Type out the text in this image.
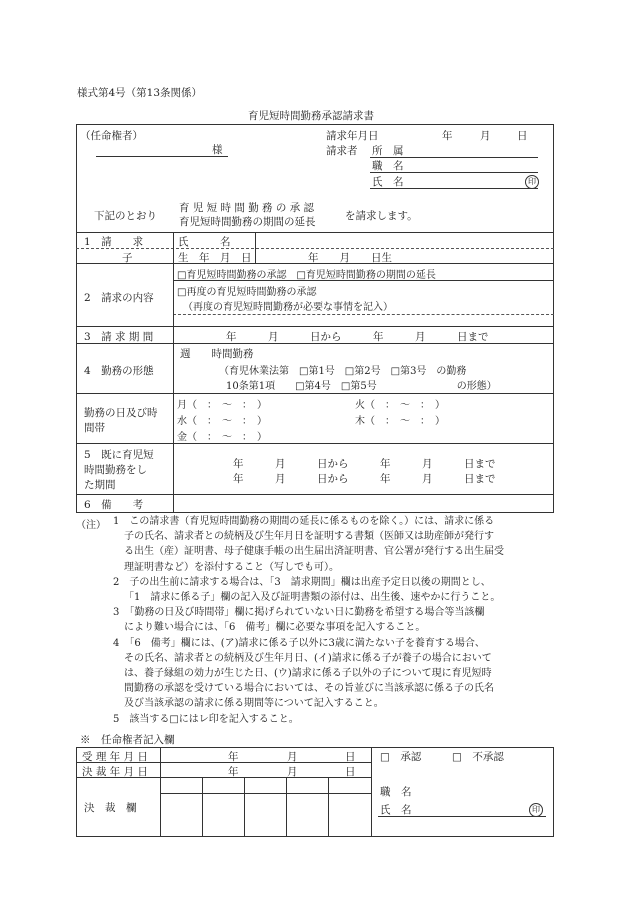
様式第4号（第13条関係）
育児短時間勤務承認請求書
（任命権者）
様
請求年月日	年	月	日
請求者 所　属
職　名
氏　名	印
下記のとおり
育 児 短 時 間 勤 務 の 承 認
育児短時間勤務の期間の延長	を請求します。
1　請　　求
子
氏　　　名
生　年　月　日	年　　月　　日生
2　請求の内容
□育児短時間勤務の承認　□育児短時間勤務の期間の延長
□再度の育児短時間勤務の承認
（再度の育児短時間勤務が必要な事情を記入）
3　請 求 期 間	年　　　月　　　日から　　　年　　　月　　　日まで
4　勤務の形態
週　　時間勤務
（育児休業法第　□第1号　□第2号　□第3号　の勤務
10条第1項　　□第4号　□第5号　　　　　　　　の形態）
勤務の日及び時
間帯
月（　：　〜　：　）	火（　：　〜　：　）
水（　：　〜　：　）	木（　：　〜　：　）
金（　：　〜　：　）
5　既に育児短
時間勤務をし
た期間
年　　　月　　　日から　　　年　　　月　　　日まで
年　　　月　　　日から　　　年　　　月　　　日まで
6　備　　考
（注） 1　この請求書（育児短時間勤務の期間の延長に係るものを除く。）には、請求に係る
子の氏名、請求者との続柄及び生年月日を証明する書類（医師又は助産師が発行す
る出生（産）証明書、母子健康手帳の出生届出済証明書、官公署が発行する出生届受
理証明書など）を添付すること（写しでも可）。
2　子の出生前に請求する場合は、「3　請求期間」欄は出産予定日以後の期間とし、
「1　請求に係る子」欄の記入及び証明書類の添付は、出生後、速やかに行うこと。
3　「勤務の日及び時間帯」欄に掲げられていない日に勤務を希望する場合等当該欄
により難い場合には、「6　備考」欄に必要な事項を記入すること。
4　「6　備考」欄には、(ア)請求に係る子以外に3歳に満たない子を養育する場合、
その氏名、請求者との続柄及び生年月日、(イ)請求に係る子が養子の場合において
は、養子縁組の効力が生じた日、(ウ)請求に係る子以外の子について現に育児短時
間勤務の承認を受けている場合においては、その旨並びに当該承認に係る子の氏名
及び当該承認の請求に係る期間等について記入すること。
5　該当する□にはレ印を記入すること。
※　任命権者記入欄
受 理 年 月 日	年	月	日
決 裁 年 月 日	年	月	日
決　裁　欄
□　承認	□　不承認
職　名
氏　名	印
